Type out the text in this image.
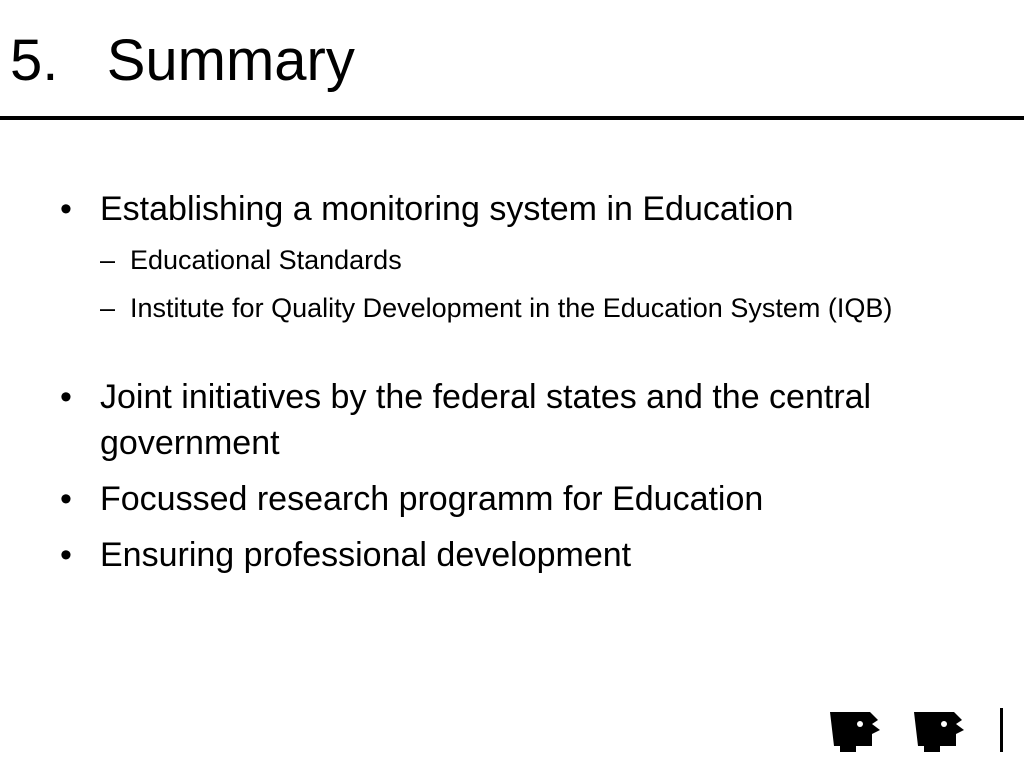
5. Summary
• Establishing a monitoring system in Education
– Educational Standards
– Institute for Quality Development in the Education System (IQB)
• Joint initiatives by the federal states and the central government
• Focussed research programm for Education
• Ensuring professional development
